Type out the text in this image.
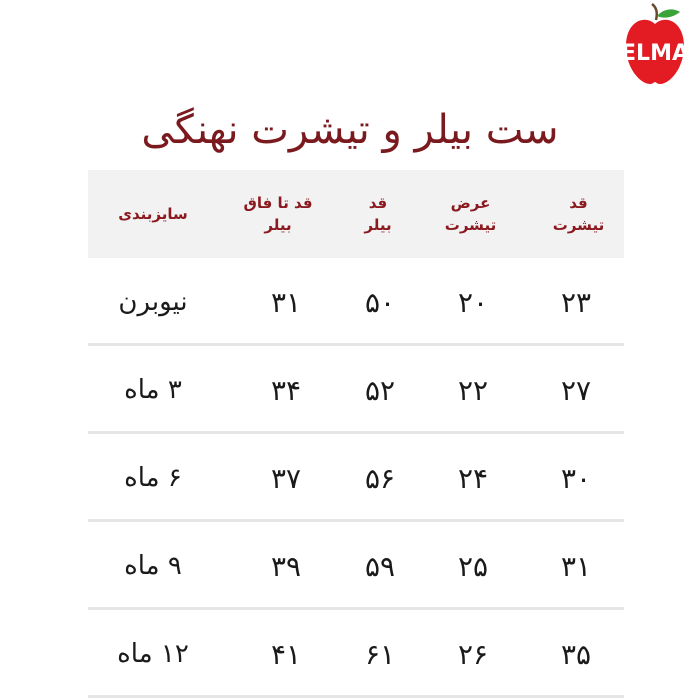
ELMA
ست بیلر و تیشرت نهنگی
قد
تیشرت
عرض
تیشرت
قد
بیلر
قد تا فاق
بیلر
سایزبندی
۲۳
۲۰
۵۰
۳۱
نیوبرن
۲۷
۲۲
۵۲
۳۴
۳ ماه
۳۰
۲۴
۵۶
۳۷
۶ ماه
۳۱
۲۵
۵۹
۳۹
۹ ماه
۳۵
۲۶
۶۱
۴۱
۱۲ ماه
